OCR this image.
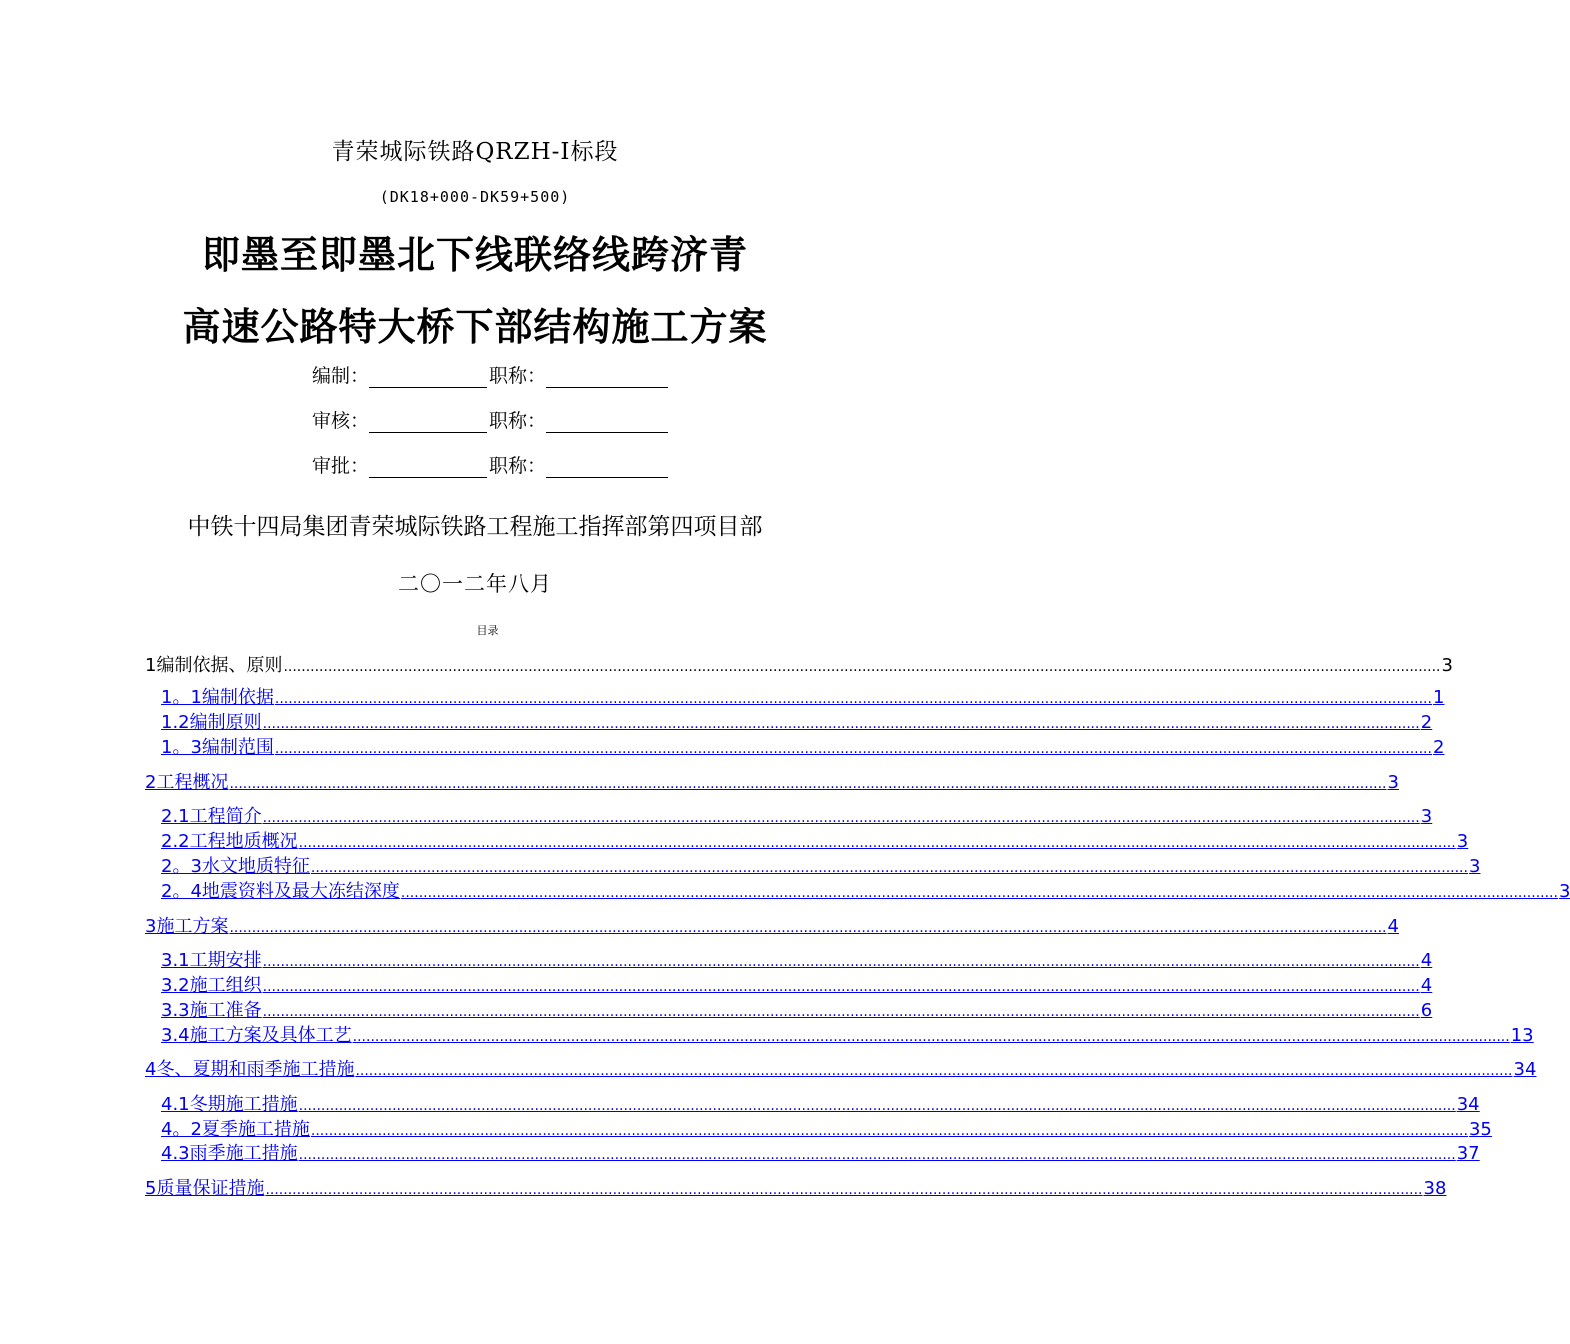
青荣城际铁路QRZH-Ⅰ标段
(DK18+000-DK59+500)
即墨至即墨北下线联络线跨济青
高速公路特大桥下部结构施工方案
编制：	职称：
审核：	职称：
审批：	职称：
中铁十四局集团青荣城际铁路工程施工指挥部第四项目部
二〇一二年八月
目录
1编制依据、原则 .................................................................................................................................................................................................................................................................... 3
1。1编制依据 .................................................................................................................................................................................................................................................................... 1
1.2编制原则 .................................................................................................................................................................................................................................................................... 2
1。3编制范围 .................................................................................................................................................................................................................................................................... 2
2工程概况 .................................................................................................................................................................................................................................................................... 3
2.1工程简介 .................................................................................................................................................................................................................................................................... 3
2.2工程地质概况 .................................................................................................................................................................................................................................................................... 3
2。3水文地质特征 .................................................................................................................................................................................................................................................................... 3
2。4地震资料及最大冻结深度 .................................................................................................................................................................................................................................................................... 3
3施工方案 .................................................................................................................................................................................................................................................................... 4
3.1工期安排 .................................................................................................................................................................................................................................................................... 4
3.2施工组织 .................................................................................................................................................................................................................................................................... 4
3.3施工准备 .................................................................................................................................................................................................................................................................... 6
3.4施工方案及具体工艺 .................................................................................................................................................................................................................................................................... 13
4冬、夏期和雨季施工措施 .................................................................................................................................................................................................................................................................... 34
4.1冬期施工措施 .................................................................................................................................................................................................................................................................... 34
4。2夏季施工措施 .................................................................................................................................................................................................................................................................... 35
4.3雨季施工措施 .................................................................................................................................................................................................................................................................... 37
5质量保证措施 .................................................................................................................................................................................................................................................................... 38
